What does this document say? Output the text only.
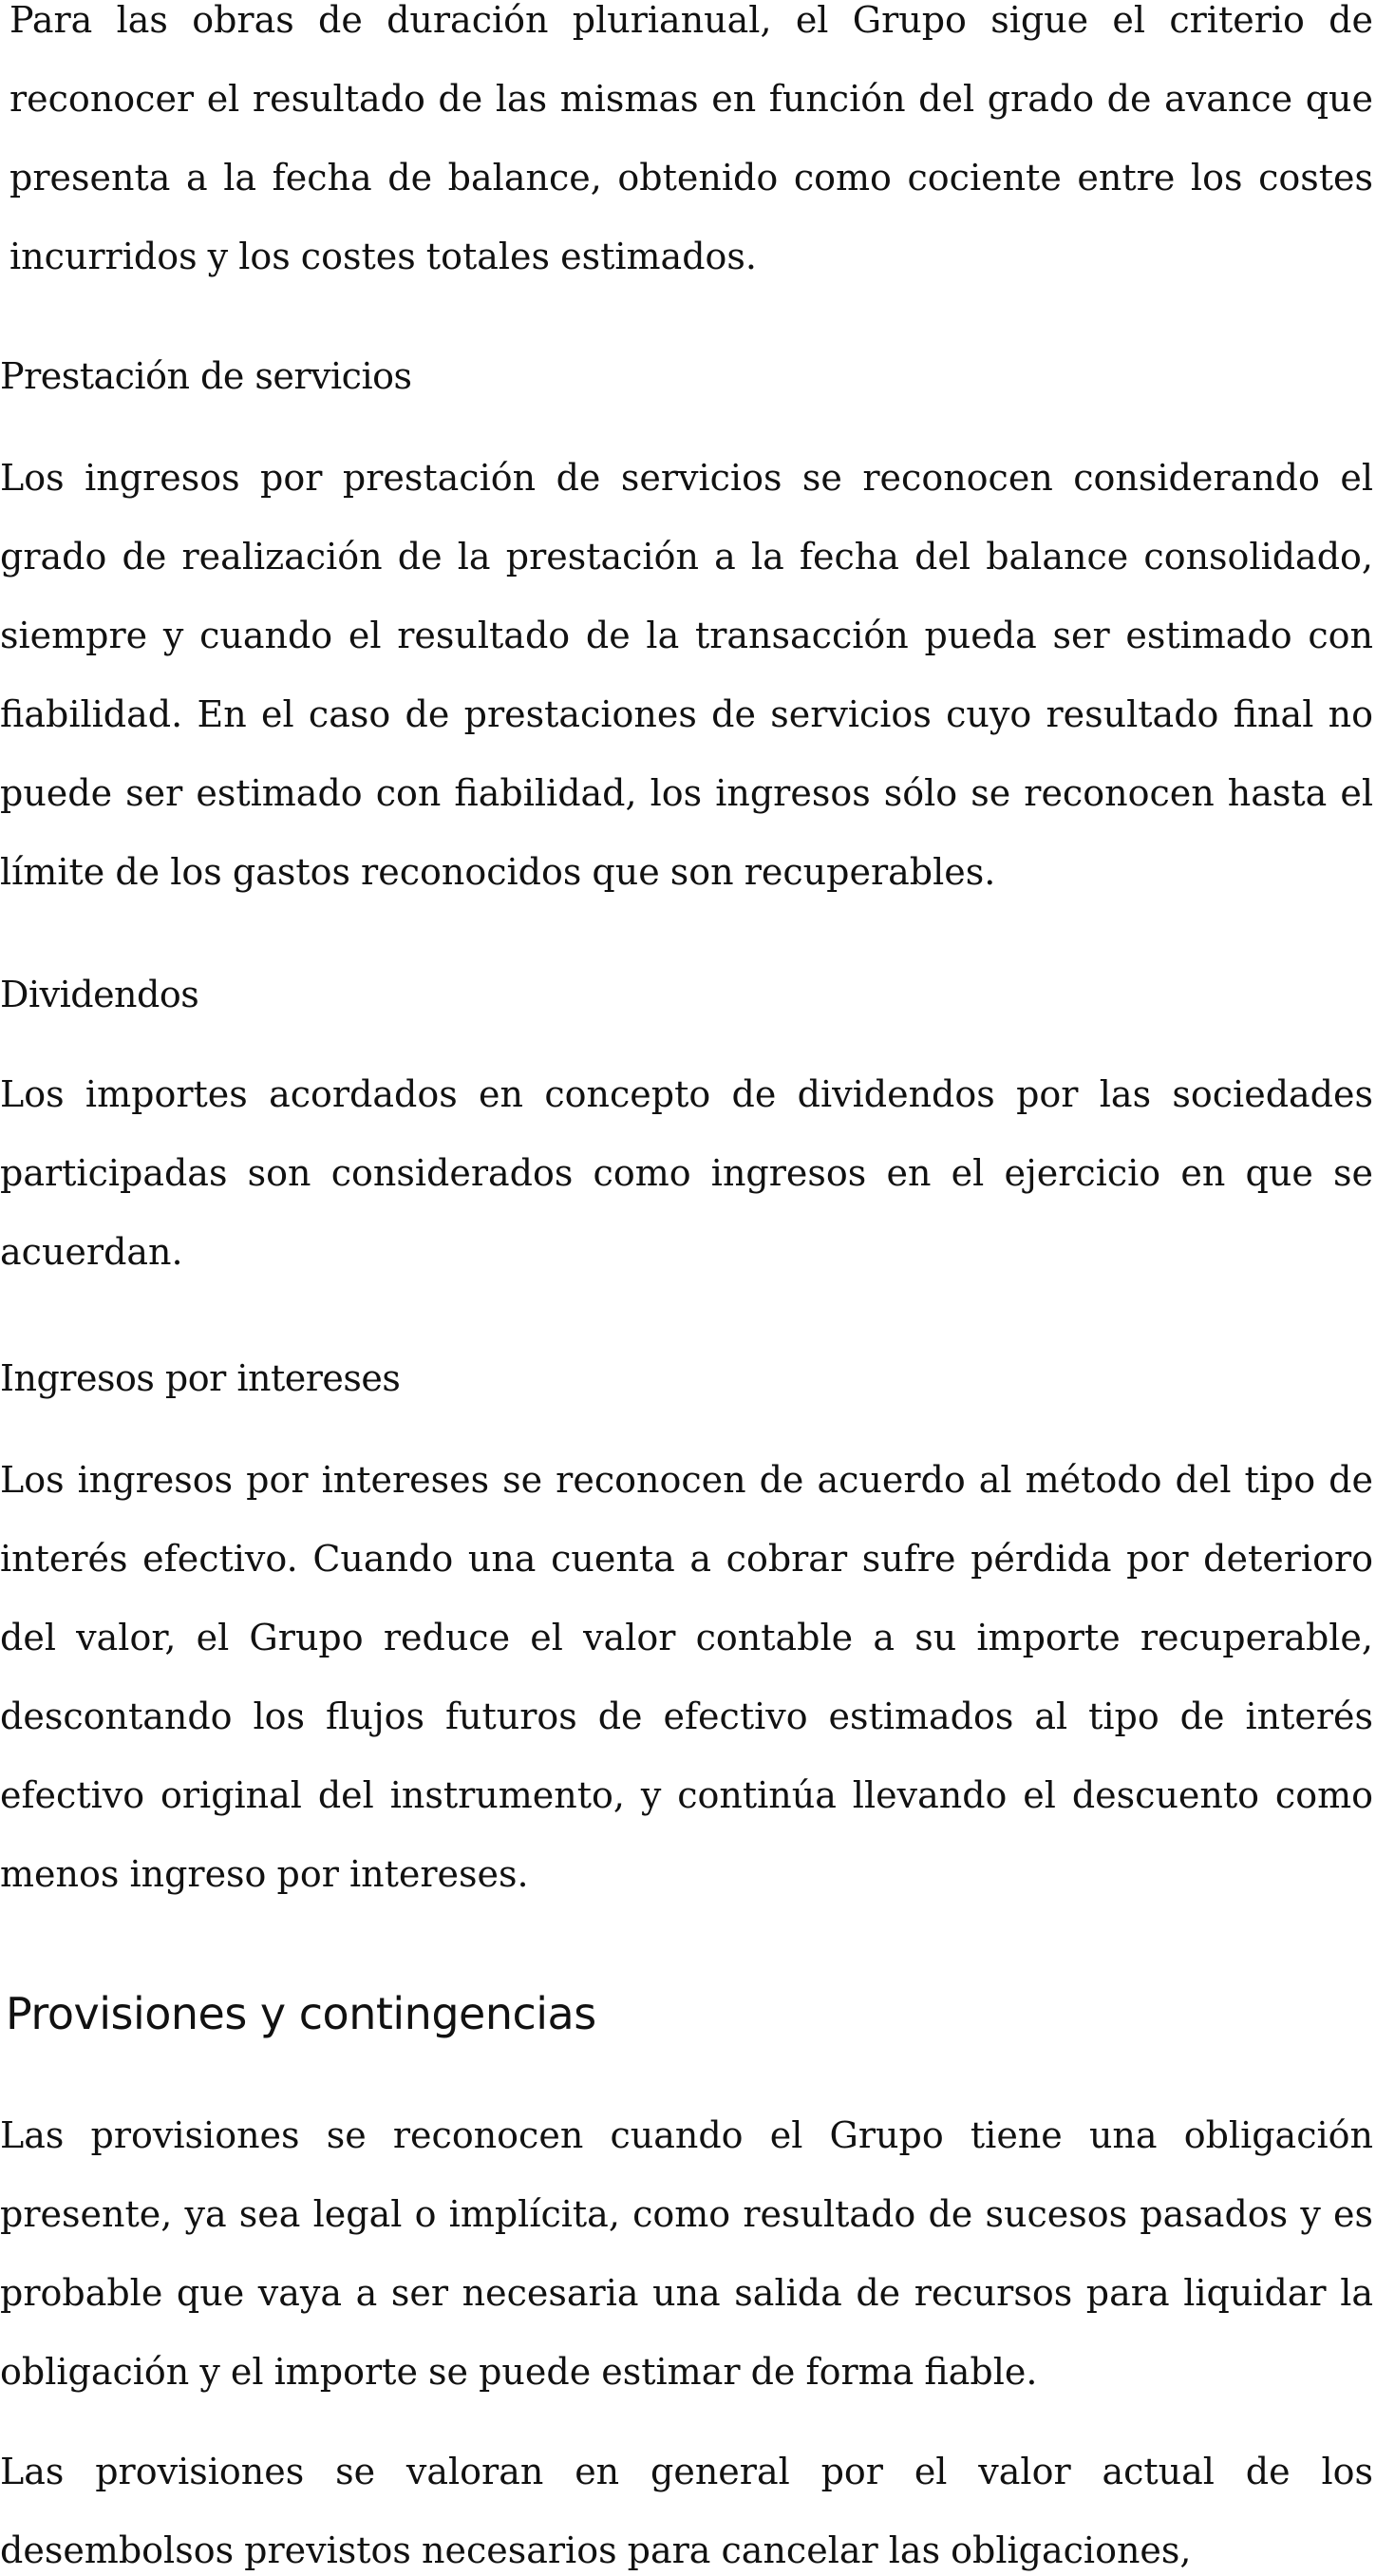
Para las obras de duración plurianual, el Grupo sigue el criterio de reconocer el resultado de las mismas en función del grado de avance que presenta a la fecha de balance, obtenido como cociente entre los costes incurridos y los costes totales estimados.

Prestación de servicios

Los ingresos por prestación de servicios se reconocen considerando el grado de realización de la prestación a la fecha del balance consolidado, siempre y cuando el resultado de la transacción pueda ser estimado con fiabilidad. En el caso de prestaciones de servicios cuyo resultado final no puede ser estimado con fiabilidad, los ingresos sólo se reconocen hasta el límite de los gastos reconocidos que son recuperables.

Dividendos

Los importes acordados en concepto de dividendos por las sociedades participadas son considerados como ingresos en el ejercicio en que se acuerdan.

Ingresos por intereses

Los ingresos por intereses se reconocen de acuerdo al método del tipo de interés efectivo. Cuando una cuenta a cobrar sufre pérdida por deterioro del valor, el Grupo reduce el valor contable a su importe recuperable, descontando los flujos futuros de efectivo estimados al tipo de interés efectivo original del instrumento, y continúa llevando el descuento como menos ingreso por intereses.

Provisiones y contingencias

Las provisiones se reconocen cuando el Grupo tiene una obligación presente, ya sea legal o implícita, como resultado de sucesos pasados y es probable que vaya a ser necesaria una salida de recursos para liquidar la obligación y el importe se puede estimar de forma fiable.

Las provisiones se valoran en general por el valor actual de los desembolsos previstos necesarios para cancelar las obligaciones,
